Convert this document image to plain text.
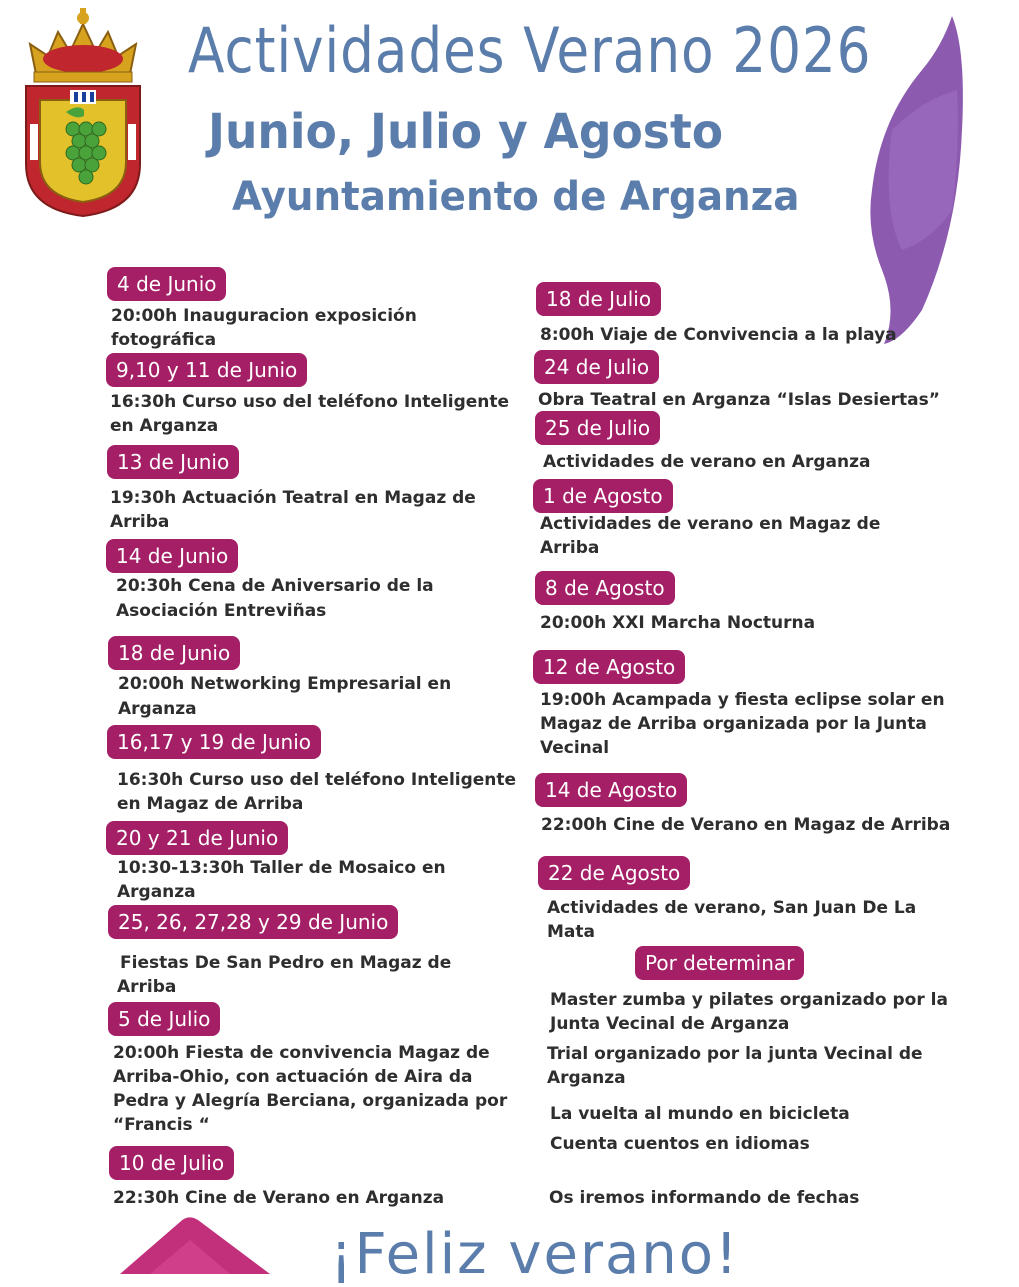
Actividades Verano 2026
Junio, Julio y Agosto
Ayuntamiento de Arganza
4 de Junio
20:00h Inauguracion exposición
fotográfica
9,10 y 11 de Junio
16:30h Curso uso del teléfono Inteligente
en Arganza
13 de Junio
19:30h Actuación Teatral en Magaz de
Arriba
14 de Junio
20:30h Cena de Aniversario de la
Asociación Entreviñas
18 de Junio
20:00h Networking Empresarial en
Arganza
16,17 y 19 de Junio
16:30h Curso uso del teléfono Inteligente
en Magaz de Arriba
20 y 21 de Junio
10:30-13:30h Taller de Mosaico en
Arganza
25, 26, 27,28 y 29 de Junio
Fiestas De San Pedro en Magaz de
Arriba
5 de Julio
20:00h Fiesta de convivencia Magaz de
Arriba-Ohio, con actuación de Aira da
Pedra y Alegría Berciana, organizada por
“Francis “
10 de Julio
22:30h Cine de Verano en Arganza
18 de Julio
8:00h Viaje de Convivencia a la playa
24 de Julio
Obra Teatral en Arganza “Islas Desiertas”
25 de Julio
Actividades de verano en Arganza
1 de Agosto
Actividades de verano en Magaz de
Arriba
8 de Agosto
20:00h XXI Marcha Nocturna
12 de Agosto
19:00h Acampada y fiesta eclipse solar en
Magaz de Arriba organizada por la Junta
Vecinal
14 de Agosto
22:00h Cine de Verano en Magaz de Arriba
22 de Agosto
Actividades de verano, San Juan De La
Mata
Por determinar
Master zumba y pilates organizado por la
Junta Vecinal de Arganza
Trial organizado por la junta Vecinal de
Arganza
La vuelta al mundo en bicicleta
Cuenta cuentos en idiomas
Os iremos informando de fechas
¡Feliz verano!
